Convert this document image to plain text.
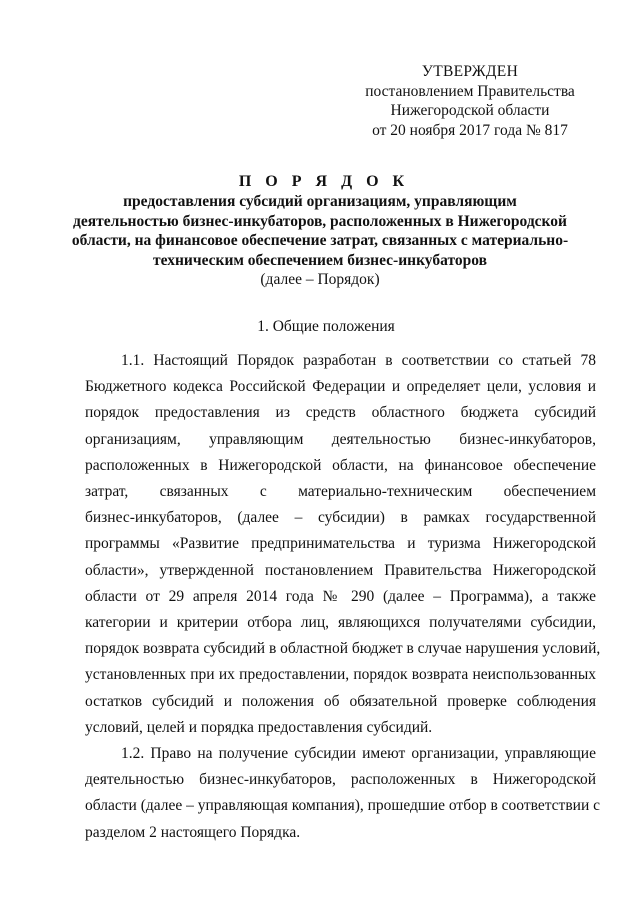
УТВЕРЖДЕН
постановлением Правительства
Нижегородской области
от 20 ноября 2017 года № 817
П О Р Я Д О К
предоставления субсидий организациям, управляющим
деятельностью бизнес-инкубаторов, расположенных в Нижегородской
области, на финансовое обеспечение затрат, связанных с материально-
техническим обеспечением бизнес-инкубаторов
(далее – Порядок)
1. Общие положения
1.1. Настоящий Порядок разработан в соответствии со статьей 78
Бюджетного кодекса Российской Федерации и определяет цели, условия и
порядок предоставления из средств областного бюджета субсидий
организациям, управляющим деятельностью бизнес-инкубаторов,
расположенных в Нижегородской области, на финансовое обеспечение
затрат, связанных с материально-техническим обеспечением
бизнес-инкубаторов, (далее – субсидии) в рамках государственной
программы «Развитие предпринимательства и туризма Нижегородской
области», утвержденной постановлением Правительства Нижегородской
области от 29 апреля 2014 года № 290 (далее – Программа), а также
категории и критерии отбора лиц, являющихся получателями субсидии,
порядок возврата субсидий в областной бюджет в случае нарушения условий,
установленных при их предоставлении, порядок возврата неиспользованных
остатков субсидий и положения об обязательной проверке соблюдения
условий, целей и порядка предоставления субсидий.
1.2. Право на получение субсидии имеют организации, управляющие
деятельностью бизнес-инкубаторов, расположенных в Нижегородской
области (далее – управляющая компания), прошедшие отбор в соответствии с
разделом 2 настоящего Порядка.
